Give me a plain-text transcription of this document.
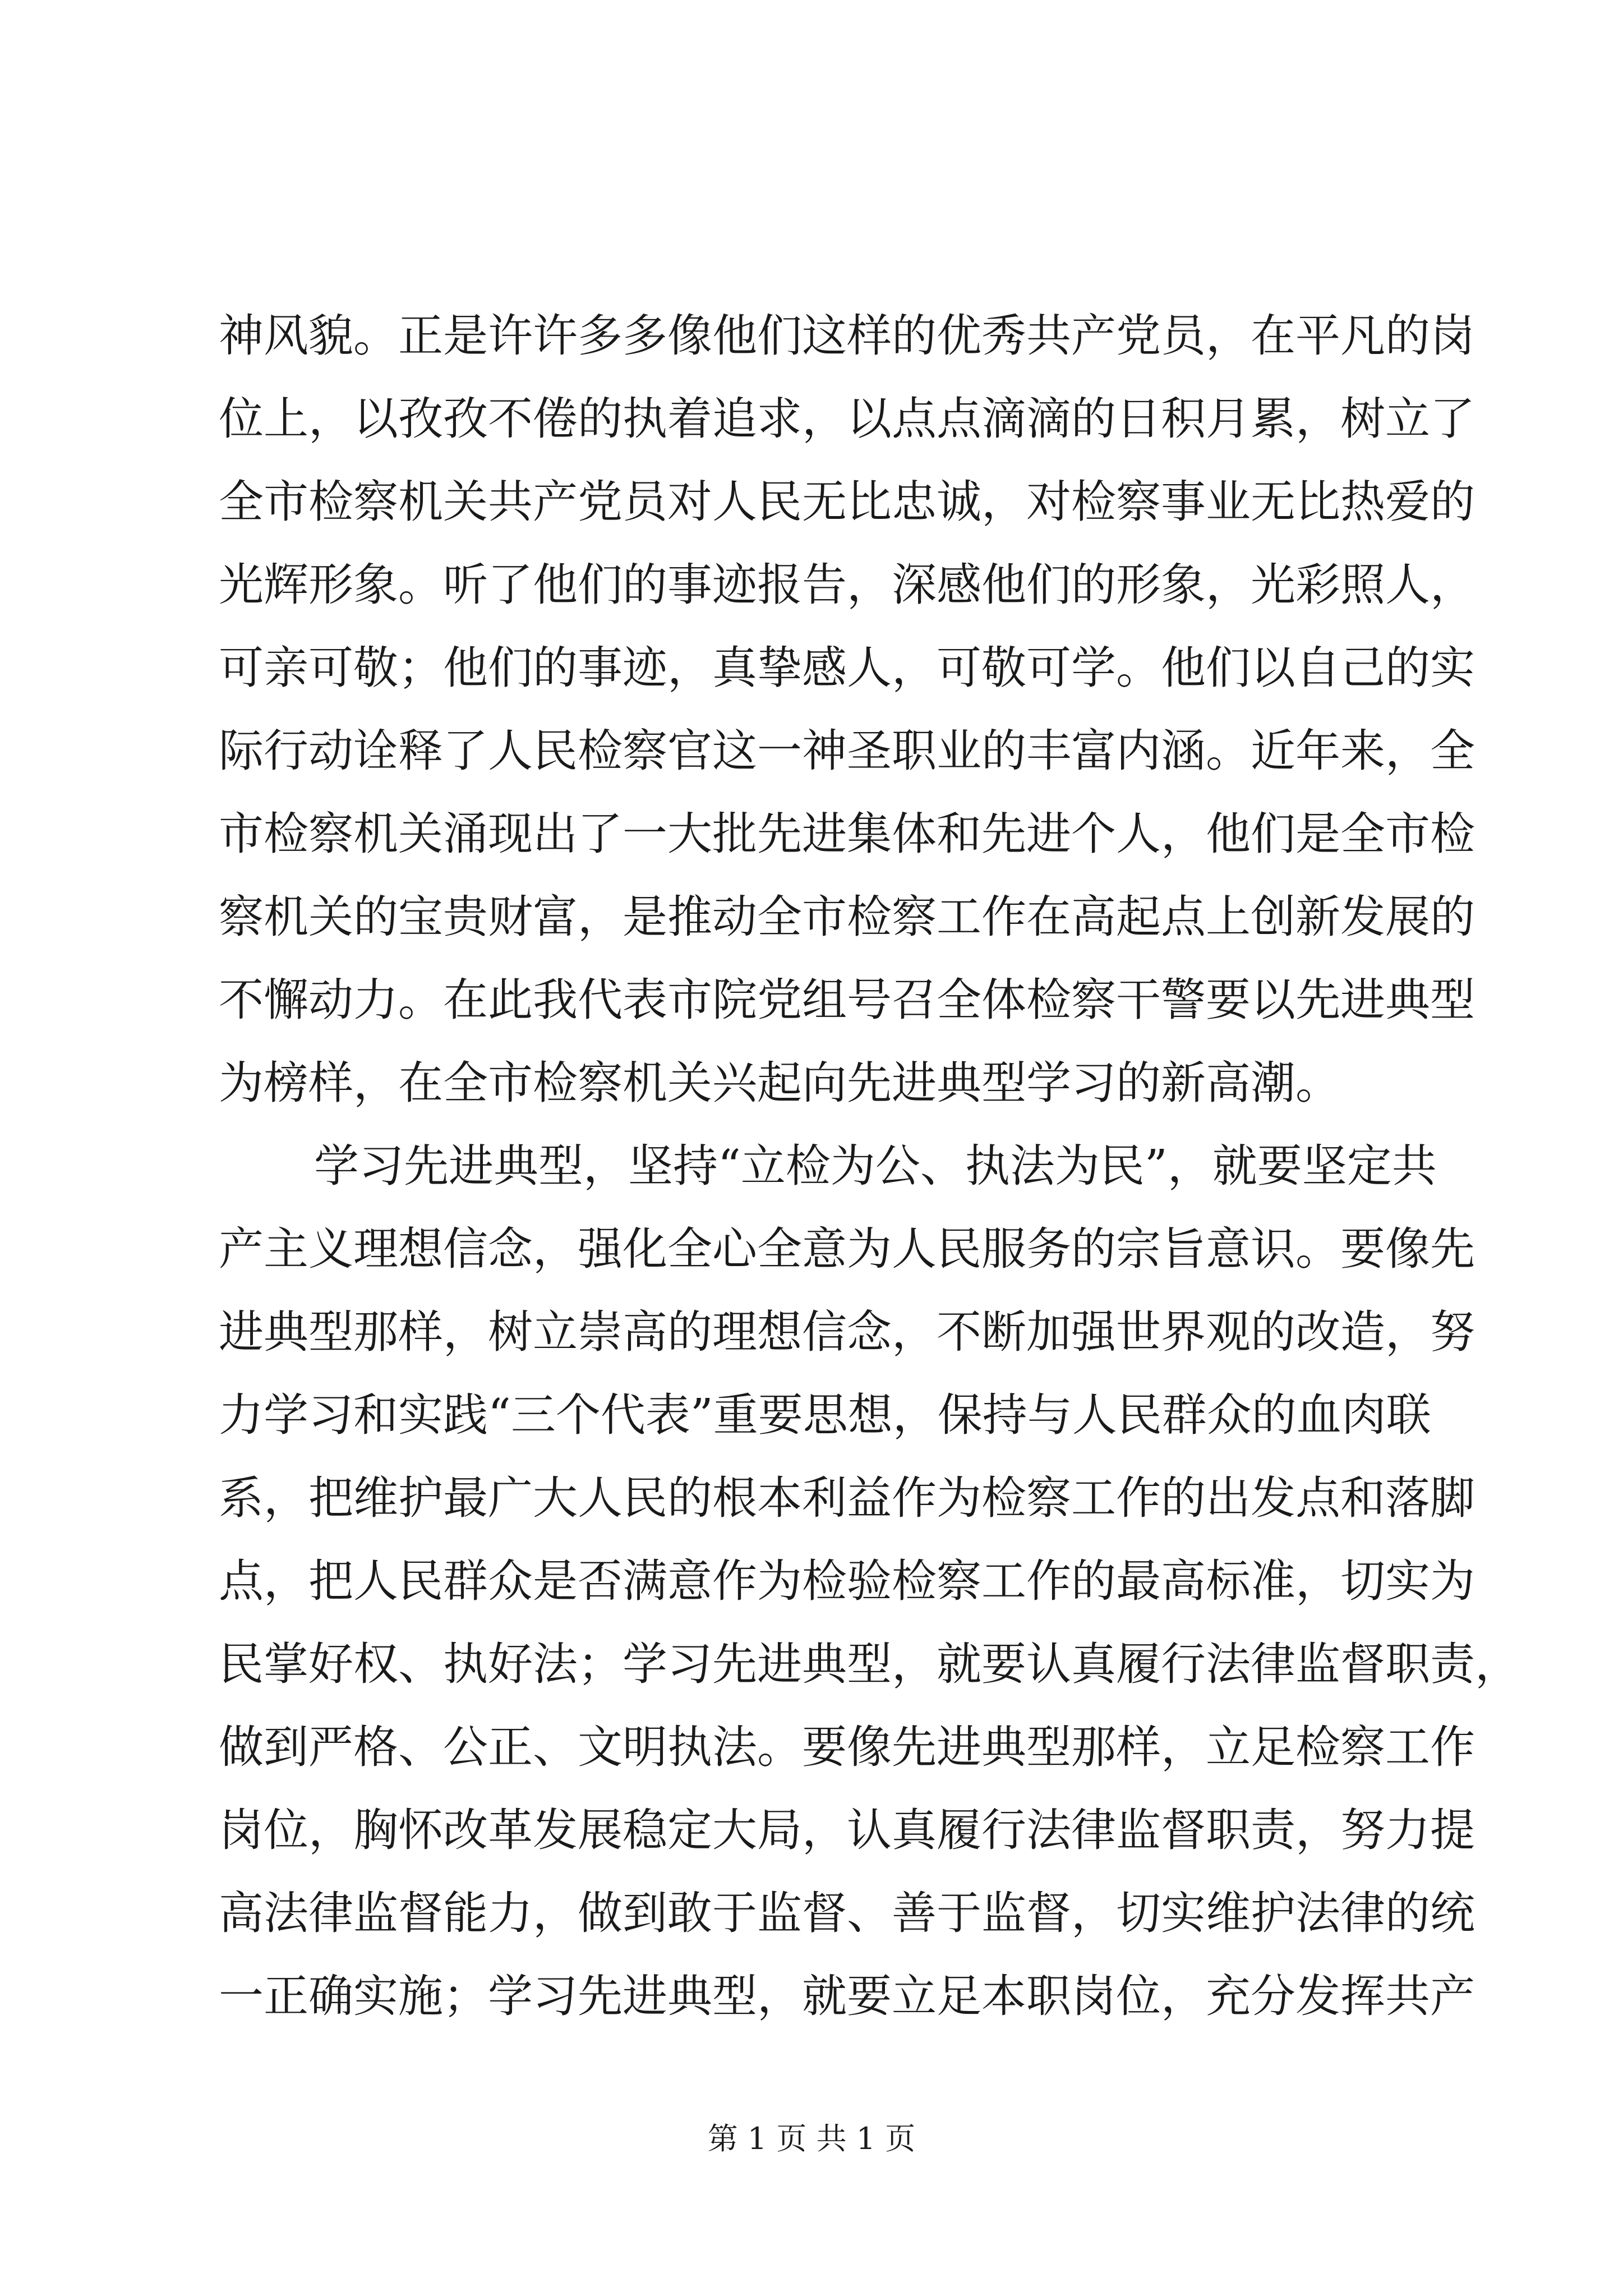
神风貌。正是许许多多像他们这样的优秀共产党员，在平凡的岗
位上，以孜孜不倦的执着追求，以点点滴滴的日积月累，树立了
全市检察机关共产党员对人民无比忠诚，对检察事业无比热爱的
光辉形象。听了他们的事迹报告，深感他们的形象，光彩照人，
可亲可敬；他们的事迹，真挚感人，可敬可学。他们以自己的实
际行动诠释了人民检察官这一神圣职业的丰富内涵。近年来，全
市检察机关涌现出了一大批先进集体和先进个人，他们是全市检
察机关的宝贵财富，是推动全市检察工作在高起点上创新发展的
不懈动力。在此我代表市院党组号召全体检察干警要以先进典型
为榜样，在全市检察机关兴起向先进典型学习的新高潮。
学习先进典型，坚持“立检为公、执法为民”，就要坚定共
产主义理想信念，强化全心全意为人民服务的宗旨意识。要像先
进典型那样，树立崇高的理想信念，不断加强世界观的改造，努
力学习和实践“三个代表”重要思想，保持与人民群众的血肉联
系，把维护最广大人民的根本利益作为检察工作的出发点和落脚
点，把人民群众是否满意作为检验检察工作的最高标准，切实为
民掌好权、执好法；学习先进典型，就要认真履行法律监督职责，
做到严格、公正、文明执法。要像先进典型那样，立足检察工作
岗位，胸怀改革发展稳定大局，认真履行法律监督职责，努力提
高法律监督能力，做到敢于监督、善于监督，切实维护法律的统
一正确实施；学习先进典型，就要立足本职岗位，充分发挥共产
第 1 页 共 1 页
